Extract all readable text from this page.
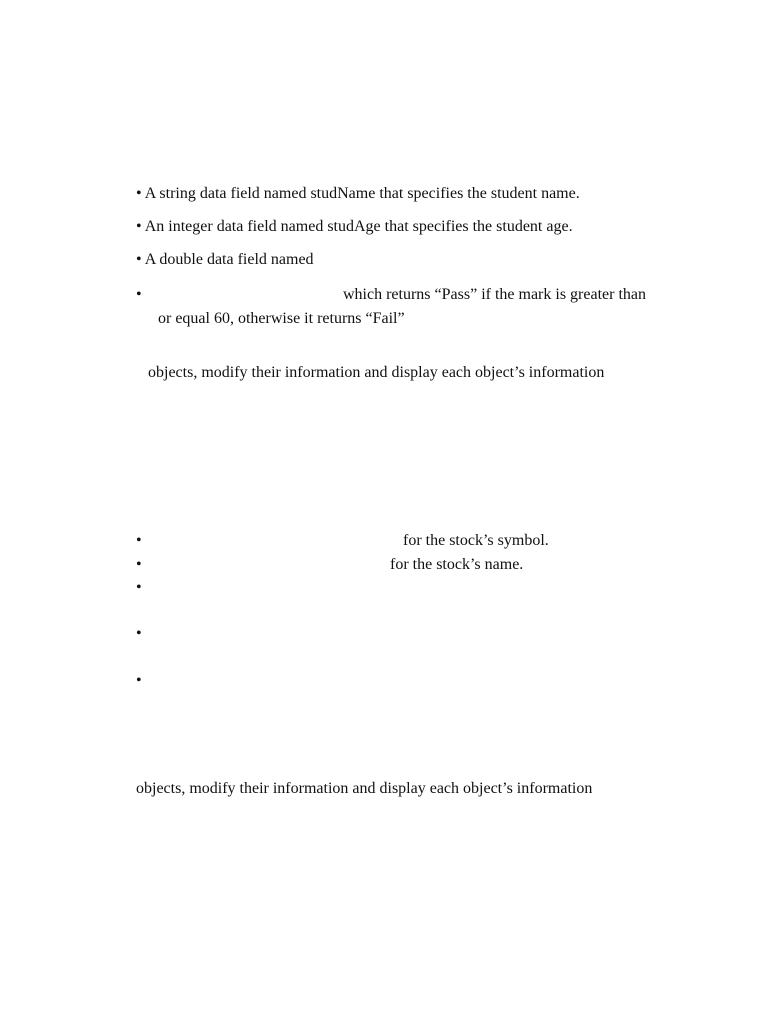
• A string data field named studName that specifies the student name.
• An integer data field named studAge that specifies the student age.
• A double data field named
•	which returns “Pass” if the mark is greater than
or equal 60, otherwise it returns “Fail”
objects, modify their information and display each object’s information
•	for the stock’s symbol.
•	for the stock’s name.
•
•
•
objects, modify their information and display each object’s information
